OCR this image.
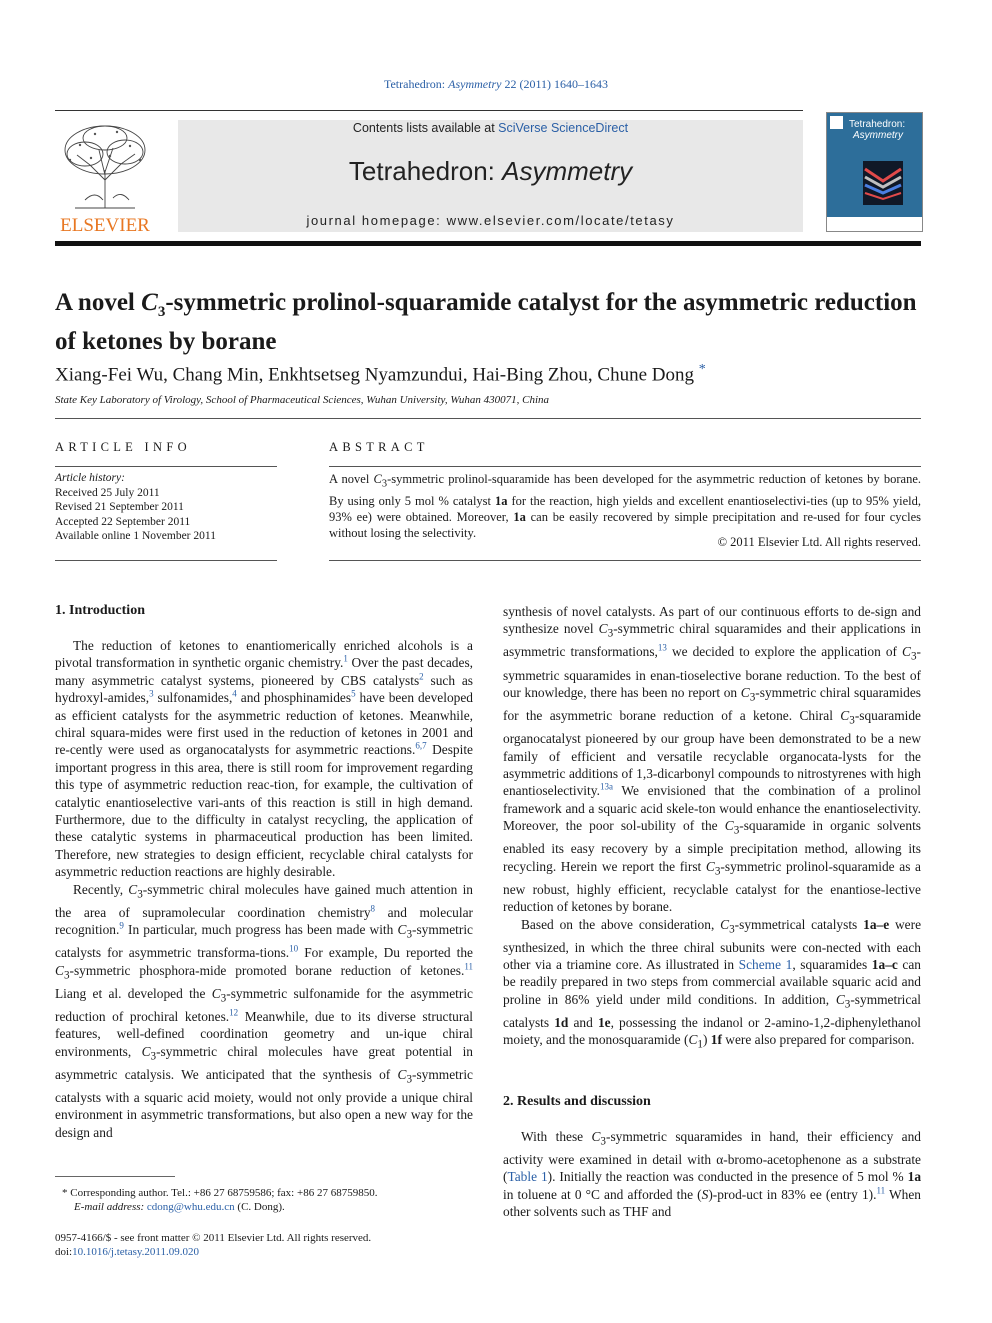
Tetrahedron: Asymmetry 22 (2011) 1640–1643
ELSEVIER
Contents lists available at SciVerse ScienceDirect
Tetrahedron: Asymmetry
journal homepage: www.elsevier.com/locate/tetasy
Tetrahedron:
Asymmetry
A novel $C_3$-symmetric prolinol-squaramide catalyst for the asymmetric reduction of ketones by borane
Xiang-Fei Wu, Chang Min, Enkhtsetseg Nyamzundui, Hai-Bing Zhou, Chune Dong *
State Key Laboratory of Virology, School of Pharmaceutical Sciences, Wuhan University, Wuhan 430071, China
ARTICLE INFO
Article history:
Received 25 July 2011
Revised 21 September 2011
Accepted 22 September 2011
Available online 1 November 2011
ABSTRACT
A novel $C_3$-symmetric prolinol-squaramide has been developed for the asymmetric reduction of ketones by borane. By using only 5 mol % catalyst 1a for the reaction, high yields and excellent enantioselectivi-ties (up to 95% yield, 93% ee) were obtained. Moreover, 1a can be easily recovered by simple precipitation and re-used for four cycles without losing the selectivity.
© 2011 Elsevier Ltd. All rights reserved.
1. Introduction

The reduction of ketones to enantiomerically enriched alcohols is a pivotal transformation in synthetic organic chemistry.$^1$ Over the past decades, many asymmetric catalyst systems, pioneered by CBS catalysts$^2$ such as hydroxyl-amides,$^3$ sulfonamides,$^4$ and phosphinamides$^5$ have been developed as efficient catalysts for the asymmetric reduction of ketones. Meanwhile, chiral squara-mides were first used in the reduction of ketones in 2001 and re-cently were used as organocatalysts for asymmetric reactions.$^{6,7}$ Despite important progress in this area, there is still room for improvement regarding this type of asymmetric reduction reac-tion, for example, the cultivation of catalytic enantioselective vari-ants of this reaction is still in high demand. Furthermore, due to the difficulty in catalyst recycling, the application of these catalytic systems in pharmaceutical production has been limited. Therefore, new strategies to design efficient, recyclable chiral catalysts for asymmetric reduction reactions are highly desirable.

Recently, $C_3$-symmetric chiral molecules have gained much attention in the area of supramolecular coordination chemistry$^8$ and molecular recognition.$^9$ In particular, much progress has been made with $C_3$-symmetric catalysts for asymmetric transforma-tions.$^{10}$ For example, Du reported the $C_3$-symmetric phosphora-mide promoted borane reduction of ketones.$^{11}$ Liang et al. developed the $C_3$-symmetric sulfonamide for the asymmetric reduction of prochiral ketones.$^{12}$ Meanwhile, due to its diverse structural features, well-defined coordination geometry and un-ique chiral environments, $C_3$-symmetric chiral molecules have great potential in asymmetric catalysis. We anticipated that the synthesis of $C_3$-symmetric catalysts with a squaric acid moiety, would not only provide a unique chiral environment in asymmetric transformations, but also open a new way for the design and

* Corresponding author. Tel.: +86 27 68759586; fax: +86 27 68759850.
E-mail address: cdong@whu.edu.cn (C. Dong).
0957-4166/$ - see front matter © 2011 Elsevier Ltd. All rights reserved.
doi:10.1016/j.tetasy.2011.09.020

synthesis of novel catalysts. As part of our continuous efforts to de-sign and synthesize novel $C_3$-symmetric chiral squaramides and their applications in asymmetric transformations,$^{13}$ we decided to explore the application of $C_3$-symmetric squaramides in enan-tioselective borane reduction. To the best of our knowledge, there has been no report on $C_3$-symmetric chiral squaramides for the asymmetric borane reduction of a ketone. Chiral $C_3$-squaramide organocatalyst pioneered by our group have been demonstrated to be a new family of efficient and versatile recyclable organocata-lysts for the asymmetric additions of 1,3-dicarbonyl compounds to nitrostyrenes with high enantioselectivity.$^{13a}$ We envisioned that the combination of a prolinol framework and a squaric acid skele-ton would enhance the enantioselectivity. Moreover, the poor sol-ubility of the $C_3$-squaramide in organic solvents enabled its easy recovery by a simple precipitation method, allowing its recycling. Herein we report the first $C_3$-symmetric prolinol-squaramide as a new robust, highly efficient, recyclable catalyst for the enantiose-lective reduction of ketones by borane.

Based on the above consideration, $C_3$-symmetrical catalysts 1a–e were synthesized, in which the three chiral subunits were con-nected with each other via a triamine core. As illustrated in Scheme 1, squaramides 1a–c can be readily prepared in two steps from commercial available squaric acid and proline in 86% yield under mild conditions. In addition, $C_3$-symmetrical catalysts 1d and 1e, possessing the indanol or 2-amino-1,2-diphenylethanol moiety, and the monosquaramide $(C_1)$ 1f were also prepared for comparison.

2. Results and discussion

With these $C_3$-symmetric squaramides in hand, their efficiency and activity were examined in detail with α-bromo-acetophenone as a substrate (Table 1). Initially the reaction was conducted in the presence of 5 mol % 1a in toluene at 0 °C and afforded the (S)-prod-uct in 83% ee (entry 1).$^{11}$ When other solvents such as THF and
